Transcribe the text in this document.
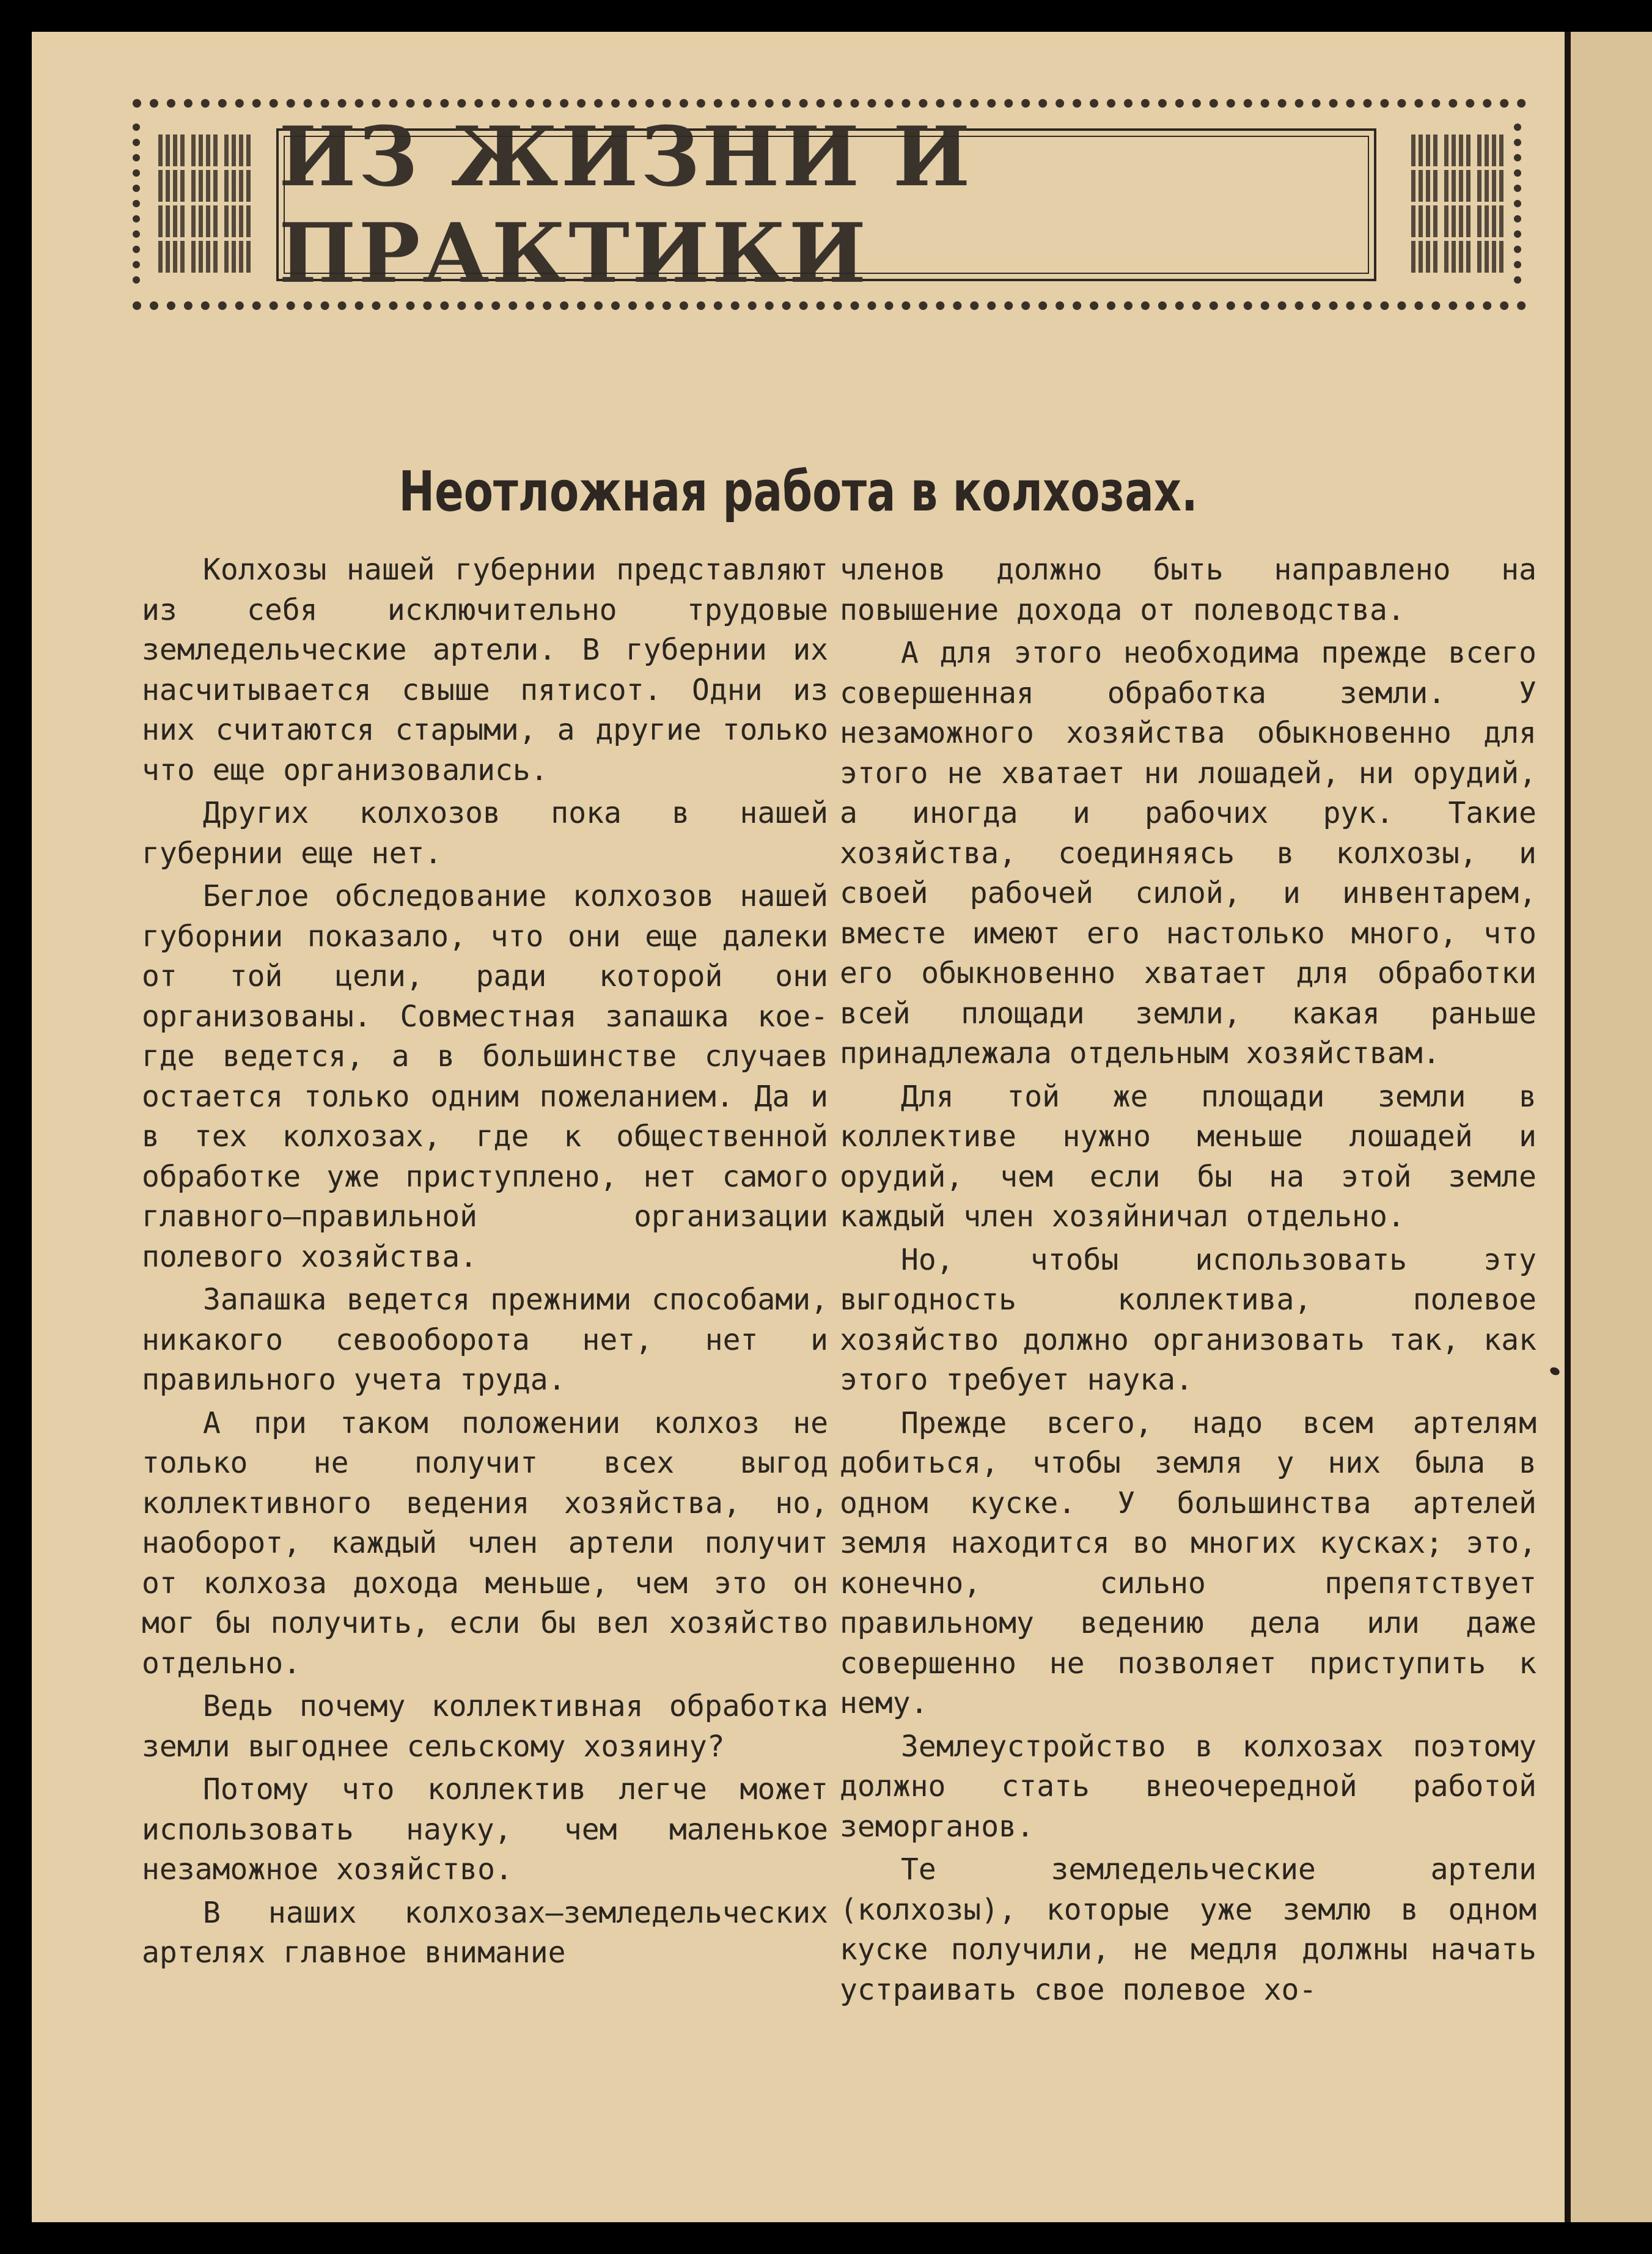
ИЗ ЖИЗНИ И ПРАКТИКИ
Неотложная работа в колхозах.

Колхозы нашей губернии представляют из себя исключительно трудовые земледельческие артели. В губернии их насчитывается свыше пятисот. Одни из них считаются старыми, а другие только что еще организовались.

Других колхозов пока в нашей губернии еще нет.

Беглое обследование колхозов нашей губорнии показало, что они еще далеки от той цели, ради которой они организованы. Совместная запашка кое-где ведется, а в большинстве случаев остается только одним пожеланием. Да и в тех колхозах, где к общественной обработке уже приступлено, нет самого главного—правильной организации полевого хозяйства.

Запашка ведется прежними способами, никакого севооборота нет, нет и правильного учета труда.

А при таком положении колхоз не только не получит всех выгод коллективного ведения хозяйства, но, наоборот, каждый член артели получит от колхоза дохода меньше, чем это он мог бы получить, если бы вел хозяйство отдельно.

Ведь почему коллективная обработка земли выгоднее сельскому хозяину?

Потому что коллектив легче может использовать науку, чем маленькое незаможное хозяйство.

В наших колхозах—земледельческих артелях главное внимание

членов должно быть направлено на повышение дохода от полеводства.

А для этого необходима прежде всего совершенная обработка земли. У незаможного хозяйства обыкновенно для этого не хватает ни лошадей, ни орудий, а иногда и рабочих рук. Такие хозяйства, соединяясь в колхозы, и своей рабочей силой, и инвентарем, вместе имеют его настолько много, что его обыкновенно хватает для обработки всей площади земли, какая раньше принадлежала отдельным хозяйствам.

Для той же площади земли в коллективе нужно меньше лошадей и орудий, чем если бы на этой земле каждый член хозяйничал отдельно.

Но, чтобы использовать эту выгодность коллектива, полевое хозяйство должно организовать так, как этого требует наука.

Прежде всего, надо всем артелям добиться, чтобы земля у них была в одном куске. У большинства артелей земля находится во многих кусках; это, конечно, сильно препятствует правильному ведению дела или даже совершенно не позволяет приступить к нему.

Землеустройство в колхозах поэтому должно стать внеочередной работой земорганов.

Те земледельческие артели (колхозы), которые уже землю в одном куске получили, не медля должны начать устраивать свое полевое хо-
